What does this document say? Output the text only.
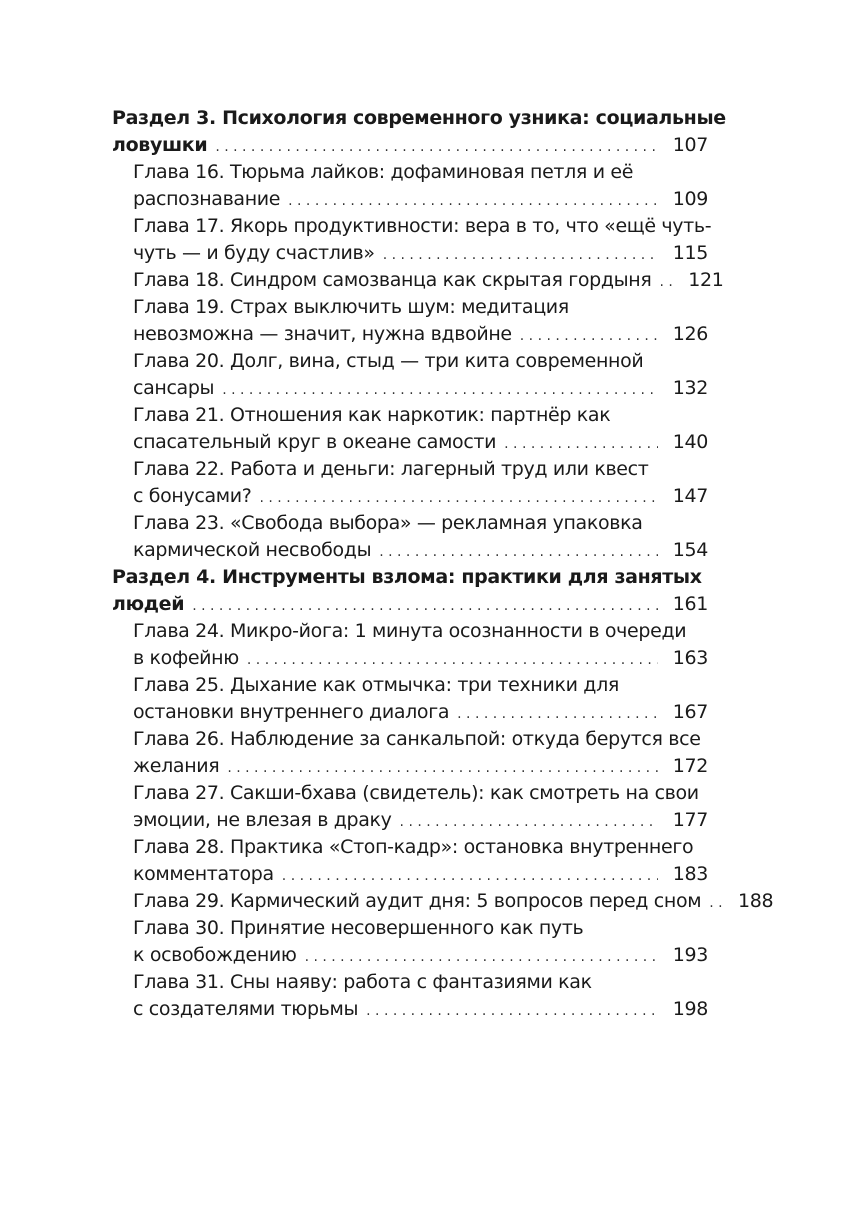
Раздел 3. Психология современного узника: социальные
ловушки . . .	107
Глава 16. Тюрьма лайков: дофаминовая петля и её
распознавание . . .	109
Глава 17. Якорь продуктивности: вера в то, что «ещё чуть-
чуть — и буду счастлив» . . .	115
Глава 18. Синдром самозванца как скрытая гордыня . . . 121
Глава 19. Страх выключить шум: медитация
невозможна — значит, нужна вдвойне . . .	126
Глава 20. Долг, вина, стыд — три кита современной
сансары . . .	132
Глава 21. Отношения как наркотик: партнёр как
спасательный круг в океане самости . . .	140
Глава 22. Работа и деньги: лагерный труд или квест
с бонусами? . . .	147
Глава 23. «Свобода выбора» — рекламная упаковка
кармической несвободы . . .	154
Раздел 4. Инструменты взлома: практики для занятых
людей . . .	161
Глава 24. Микро-йога: 1 минута осознанности в очереди
в кофейню . . .	163
Глава 25. Дыхание как отмычка: три техники для
остановки внутреннего диалога . . .	167
Глава 26. Наблюдение за санкальпой: откуда берутся все
желания . . .	172
Глава 27. Сакши-бхава (свидетель): как смотреть на свои
эмоции, не влезая в драку . . .	177
Глава 28. Практика «Стоп-кадр»: остановка внутреннего
комментатора . . .	183
Глава 29. Кармический аудит дня: 5 вопросов перед сном . . . 188
Глава 30. Принятие несовершенного как путь
к освобождению . . .	193
Глава 31. Сны наяву: работа с фантазиями как
с создателями тюрьмы . . .	198
